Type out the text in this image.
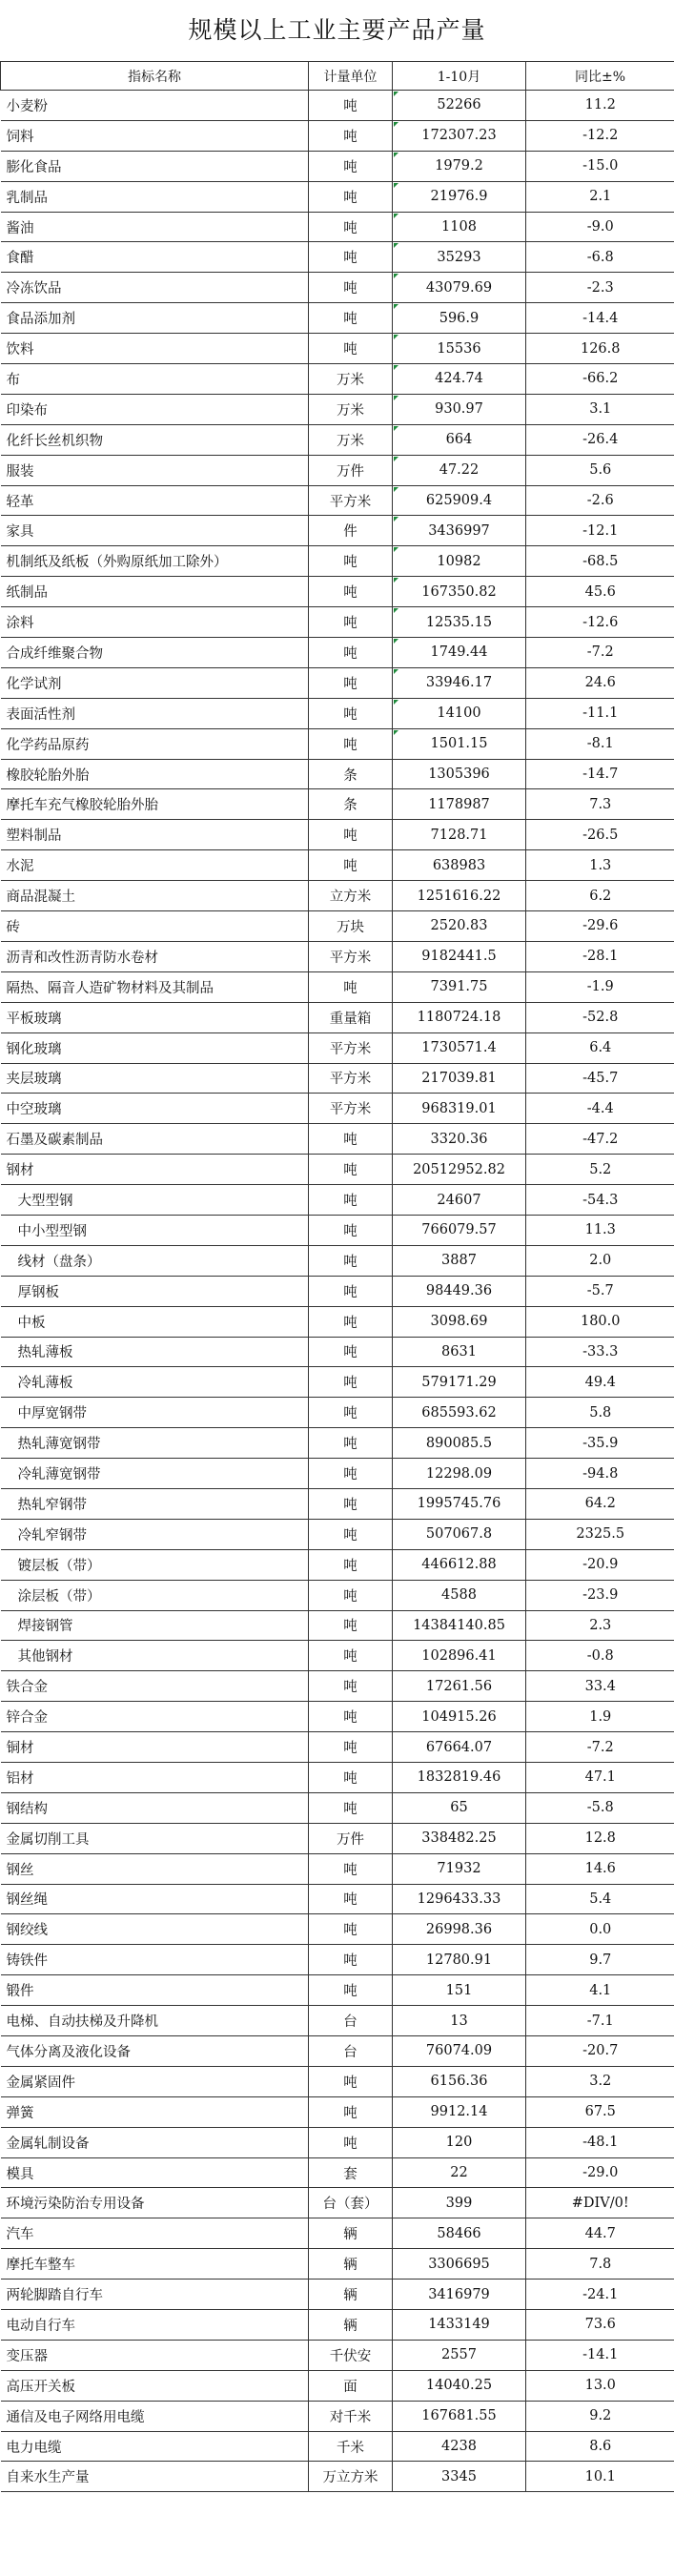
规模以上工业主要产品产量
指标名称	计量单位	1-10月	同比±%
小麦粉	吨	52266	11.2
饲料	吨	172307.23	-12.2
膨化食品	吨	1979.2	-15.0
乳制品	吨	21976.9	2.1
酱油	吨	1108	-9.0
食醋	吨	35293	-6.8
冷冻饮品	吨	43079.69	-2.3
食品添加剂	吨	596.9	-14.4
饮料	吨	15536	126.8
布	万米	424.74	-66.2
印染布	万米	930.97	3.1
化纤长丝机织物	万米	664	-26.4
服装	万件	47.22	5.6
轻革	平方米	625909.4	-2.6
家具	件	3436997	-12.1
机制纸及纸板（外购原纸加工除外）	吨	10982	-68.5
纸制品	吨	167350.82	45.6
涂料	吨	12535.15	-12.6
合成纤维聚合物	吨	1749.44	-7.2
化学试剂	吨	33946.17	24.6
表面活性剂	吨	14100	-11.1
化学药品原药	吨	1501.15	-8.1
橡胶轮胎外胎	条	1305396	-14.7
摩托车充气橡胶轮胎外胎	条	1178987	7.3
塑料制品	吨	7128.71	-26.5
水泥	吨	638983	1.3
商品混凝土	立方米	1251616.22	6.2
砖	万块	2520.83	-29.6
沥青和改性沥青防水卷材	平方米	9182441.5	-28.1
隔热、隔音人造矿物材料及其制品	吨	7391.75	-1.9
平板玻璃	重量箱	1180724.18	-52.8
钢化玻璃	平方米	1730571.4	6.4
夹层玻璃	平方米	217039.81	-45.7
中空玻璃	平方米	968319.01	-4.4
石墨及碳素制品	吨	3320.36	-47.2
钢材	吨	20512952.82	5.2
大型型钢	吨	24607	-54.3
中小型型钢	吨	766079.57	11.3
线材（盘条）	吨	3887	2.0
厚钢板	吨	98449.36	-5.7
中板	吨	3098.69	180.0
热轧薄板	吨	8631	-33.3
冷轧薄板	吨	579171.29	49.4
中厚宽钢带	吨	685593.62	5.8
热轧薄宽钢带	吨	890085.5	-35.9
冷轧薄宽钢带	吨	12298.09	-94.8
热轧窄钢带	吨	1995745.76	64.2
冷轧窄钢带	吨	507067.8	2325.5
镀层板（带）	吨	446612.88	-20.9
涂层板（带）	吨	4588	-23.9
焊接钢管	吨	14384140.85	2.3
其他钢材	吨	102896.41	-0.8
铁合金	吨	17261.56	33.4
锌合金	吨	104915.26	1.9
铜材	吨	67664.07	-7.2
铝材	吨	1832819.46	47.1
钢结构	吨	65	-5.8
金属切削工具	万件	338482.25	12.8
钢丝	吨	71932	14.6
钢丝绳	吨	1296433.33	5.4
钢绞线	吨	26998.36	0.0
铸铁件	吨	12780.91	9.7
锻件	吨	151	4.1
电梯、自动扶梯及升降机	台	13	-7.1
气体分离及液化设备	台	76074.09	-20.7
金属紧固件	吨	6156.36	3.2
弹簧	吨	9912.14	67.5
金属轧制设备	吨	120	-48.1
模具	套	22	-29.0
环境污染防治专用设备	台（套）	399	#DIV/0!
汽车	辆	58466	44.7
摩托车整车	辆	3306695	7.8
两轮脚踏自行车	辆	3416979	-24.1
电动自行车	辆	1433149	73.6
变压器	千伏安	2557	-14.1
高压开关板	面	14040.25	13.0
通信及电子网络用电缆	对千米	167681.55	9.2
电力电缆	千米	4238	8.6
自来水生产量	万立方米	3345	10.1
